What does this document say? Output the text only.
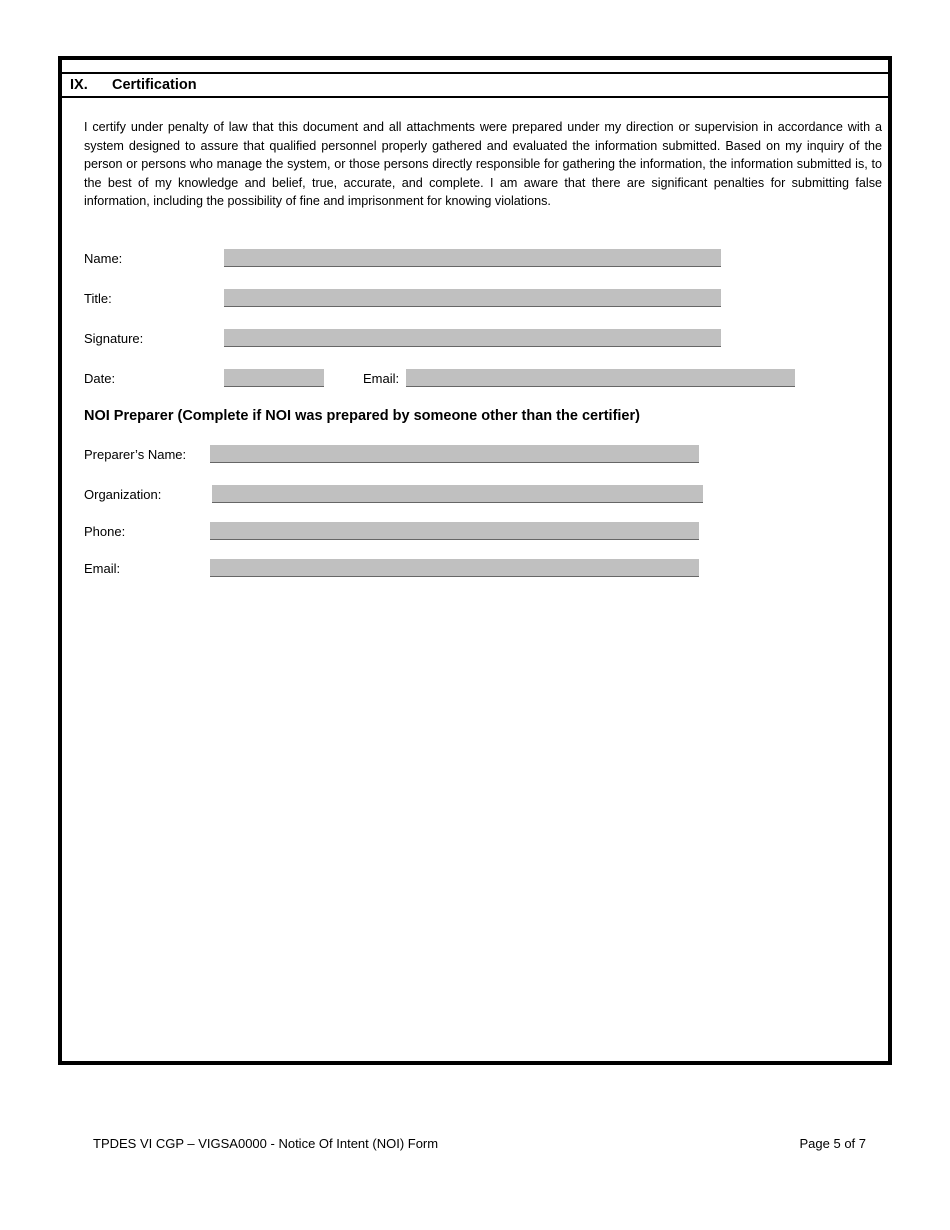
IX. Certification
I certify under penalty of law that this document and all attachments were prepared under my direction or supervision in accordance with a system designed to assure that qualified personnel properly gathered and evaluated the information submitted. Based on my inquiry of the person or persons who manage the system, or those persons directly responsible for gathering the information, the information submitted is, to the best of my knowledge and belief, true, accurate, and complete. I am aware that there are significant penalties for submitting false information, including the possibility of fine and imprisonment for knowing violations.
Name:
Title:
Signature:
Date:	Email:
NOI Preparer (Complete if NOI was prepared by someone other than the certifier)
Preparer’s Name:
Organization:
Phone:
Email:
TPDES VI CGP – VIGSA0000 - Notice Of Intent (NOI) Form	Page 5 of 7
